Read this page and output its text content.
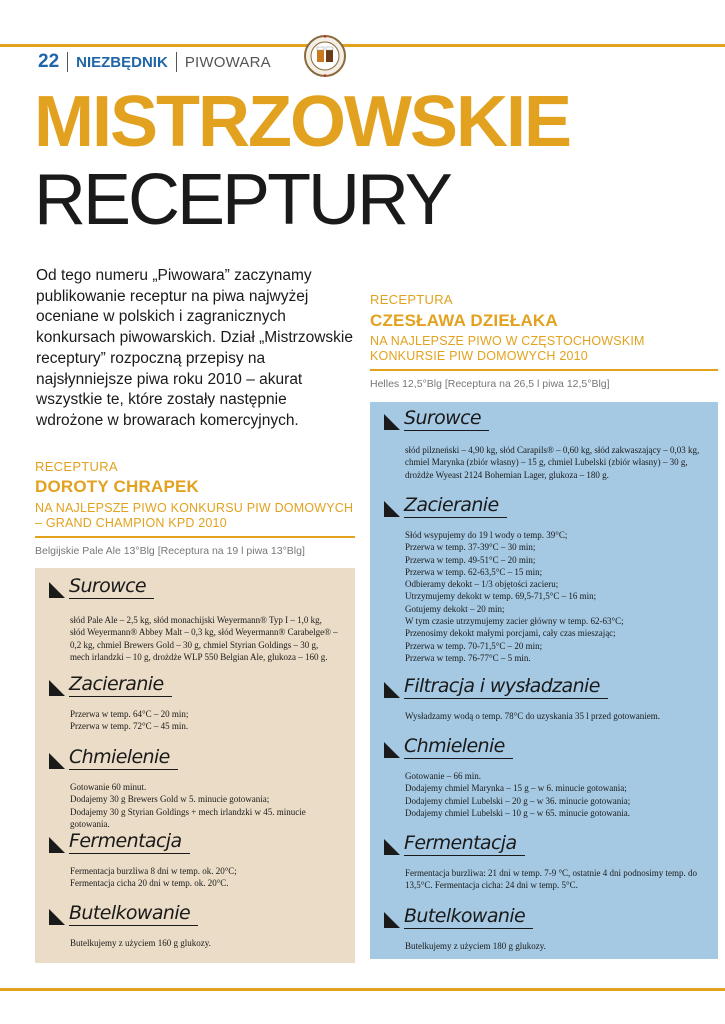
22 NIEZBĘDNIK PIWOWARA
MISTRZOWSKIE
RECEPTURY

Od tego numeru „Piwowara” zaczynamy publikowanie receptur na piwa najwyżej oceniane w polskich i zagranicznych konkursach piwowarskich. Dział „Mistrzowskie receptury” rozpoczną przepisy na najsłynniejsze piwa roku 2010 – akurat wszystkie te, które zostały następnie wdrożone w browarach komercyjnych.

RECEPTURA
DOROTY CHRAPEK
NA NAJLEPSZE PIWO KONKURSU PIW DOMOWYCH – GRAND CHAMPION KPD 2010
Belgijskie Pale Ale 13°Blg [Receptura na 19 l piwa 13°Blg]
RECEPTURA
CZESŁAWA DZIEŁAKA
NA NAJLEPSZE PIWO W CZĘSTOCHOWSKIM KONKURSIE PIW DOMOWYCH 2010
Helles 12,5°Blg [Receptura na 26,5 l piwa 12,5°Blg]
Surowce
słód Pale Ale – 2,5 kg, słód monachijski Weyermann® Typ I – 1,0 kg, słód Weyermann® Abbey Malt – 0,3 kg, słód Weyermann® Carabelge® – 0,2 kg, chmiel Brewers Gold – 30 g, chmiel Styrian Goldings – 30 g, mech irlandzki – 10 g, drożdże WLP 550 Belgian Ale, glukoza – 160 g.
Zacieranie
Przerwa w temp. 64°C – 20 min;
Przerwa w temp. 72°C – 45 min.
Chmielenie
Gotowanie 60 minut.
Dodajemy 30 g Brewers Gold w 5. minucie gotowania;
Dodajemy 30 g Styrian Goldings + mech irlandzki w 45. minucie gotowania.
Fermentacja
Fermentacja burzliwa 8 dni w temp. ok. 20°C;
Fermentacja cicha 20 dni w temp. ok. 20°C.
Butelkowanie
Butelkujemy z użyciem 160 g glukozy.
Surowce
słód pilzneński – 4,90 kg, słód Carapils® – 0,60 kg, słód zakwaszający – 0,03 kg, chmiel Marynka (zbiór własny) – 15 g, chmiel Lubelski (zbiór własny) – 30 g, drożdże Wyeast 2124 Bohemian Lager, glukoza – 180 g.
Zacieranie
Słód wsypujemy do 19 l wody o temp. 39°C;
Przerwa w temp. 37-39°C – 30 min;
Przerwa w temp. 49-51°C – 20 min;
Przerwa w temp. 62-63,5°C – 15 min;
Odbieramy dekokt – 1/3 objętości zacieru;
Utrzymujemy dekokt w temp. 69,5-71,5°C – 16 min;
Gotujemy dekokt – 20 min;
W tym czasie utrzymujemy zacier główny w temp. 62-63°C;
Przenosimy dekokt małymi porcjami, cały czas mieszając;
Przerwa w temp. 70-71,5°C – 20 min;
Przerwa w temp. 76-77°C – 5 min.
Filtracja i wysładzanie
Wysładzamy wodą o temp. 78°C do uzyskania 35 l przed gotowaniem.
Chmielenie
Gotowanie – 66 min.
Dodajemy chmiel Marynka – 15 g – w 6. minucie gotowania;
Dodajemy chmiel Lubelski – 20 g – w 36. minucie gotowania;
Dodajemy chmiel Lubelski – 10 g – w 65. minucie gotowania.
Fermentacja
Fermentacja burzliwa: 21 dni w temp. 7-9 °C, ostatnie 4 dni podnosimy temp. do 13,5°C. Fermentacja cicha: 24 dni w temp. 5°C.
Butelkowanie
Butelkujemy z użyciem 180 g glukozy.
